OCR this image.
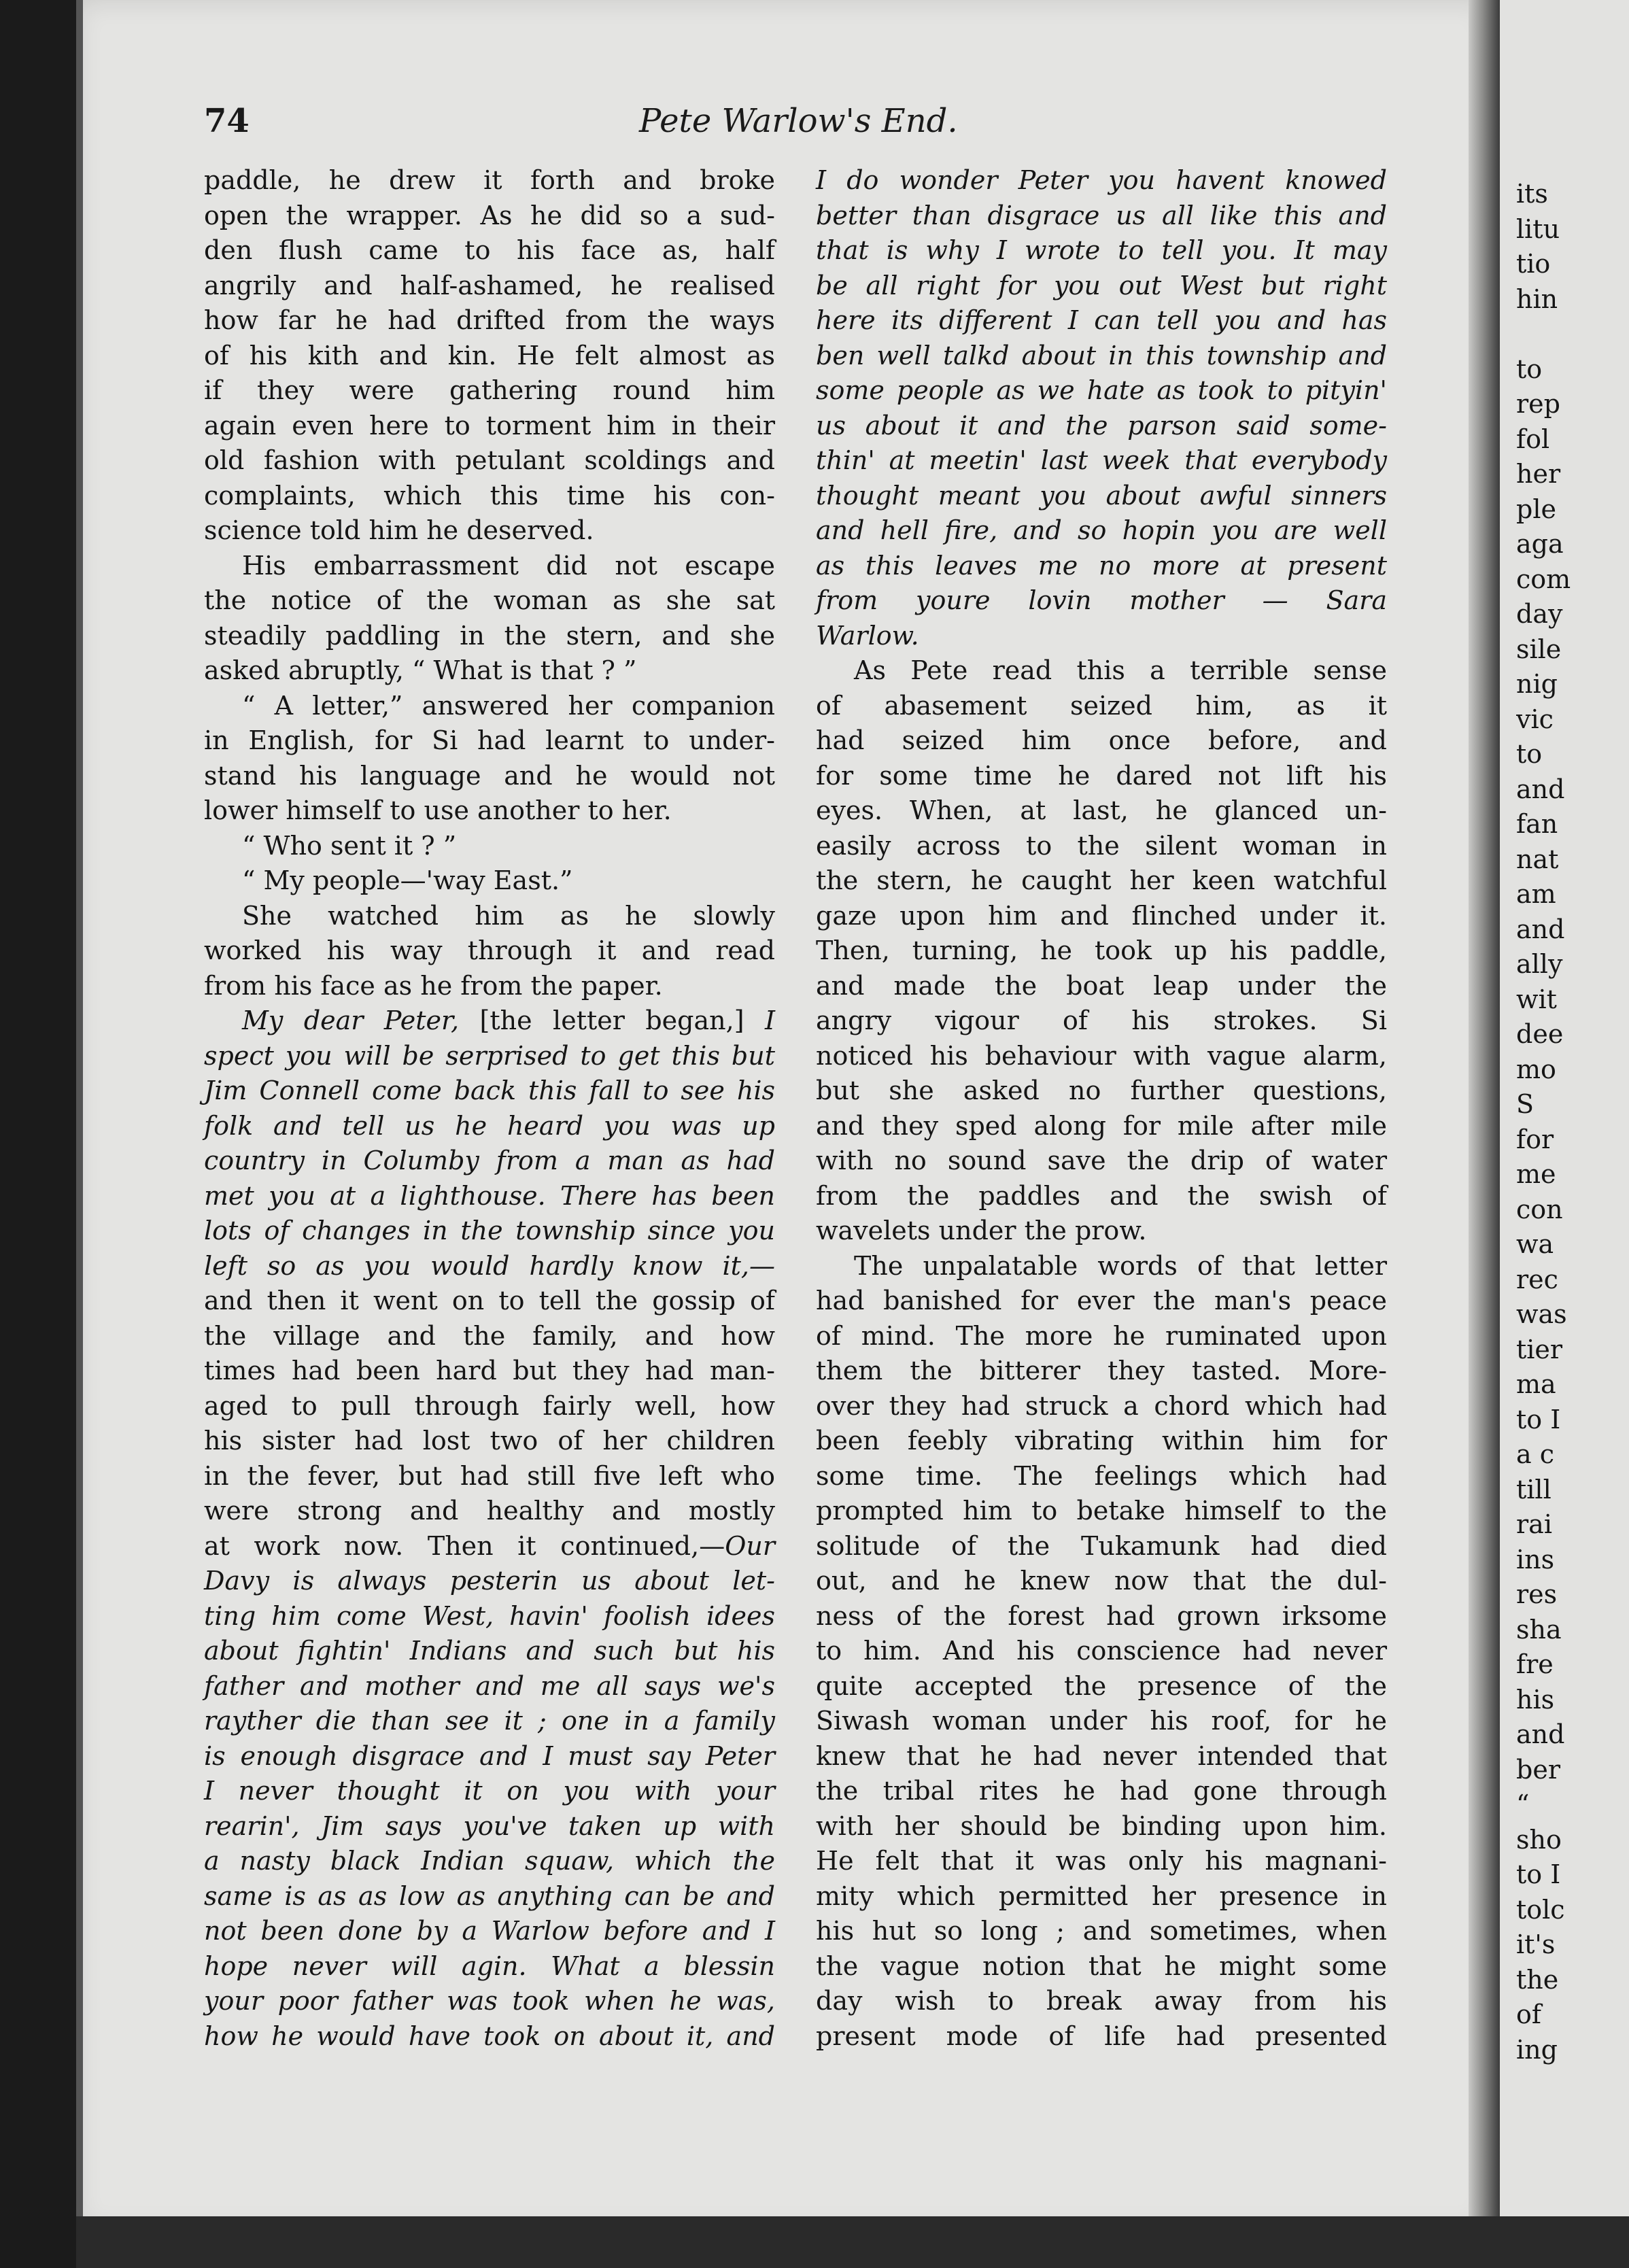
74	Pete Warlow's End.
paddle, he drew it forth and broke
open the wrapper. As he did so a sud-
den flush came to his face as, half
angrily and half-ashamed, he realised
how far he had drifted from the ways
of his kith and kin. He felt almost as
if they were gathering round him
again even here to torment him in their
old fashion with petulant scoldings and
complaints, which this time his con-
science told him he deserved.
His embarrassment did not escape
the notice of the woman as she sat
steadily paddling in the stern, and she
asked abruptly, “ What is that ? ”
“ A letter,” answered her companion
in English, for Si had learnt to under-
stand his language and he would not
lower himself to use another to her.
“ Who sent it ? ”
“ My people—'way East.”
She watched him as he slowly
worked his way through it and read
from his face as he from the paper.
My dear Peter, [the letter began,] I
spect you will be serprised to get this but
Jim Connell come back this fall to see his
folk and tell us he heard you was up
country in Columby from a man as had
met you at a lighthouse. There has been
lots of changes in the township since you
left so as you would hardly know it,—
and then it went on to tell the gossip of
the village and the family, and how
times had been hard but they had man-
aged to pull through fairly well, how
his sister had lost two of her children
in the fever, but had still five left who
were strong and healthy and mostly
at work now. Then it continued,—Our
Davy is always pesterin us about let-
ting him come West, havin' foolish idees
about fightin' Indians and such but his
father and mother and me all says we's
rayther die than see it ; one in a family
is enough disgrace and I must say Peter
I never thought it on you with your
rearin', Jim says you've taken up with
a nasty black Indian squaw, which the
same is as as low as anything can be and
not been done by a Warlow before and I
hope never will agin. What a blessin
your poor father was took when he was,
how he would have took on about it, and
I do wonder Peter you havent knowed
better than disgrace us all like this and
that is why I wrote to tell you. It may
be all right for you out West but right
here its different I can tell you and has
ben well talkd about in this township and
some people as we hate as took to pityin'
us about it and the parson said some-
thin' at meetin' last week that everybody
thought meant you about awful sinners
and hell fire, and so hopin you are well
as this leaves me no more at present
from youre lovin mother — Sara
Warlow.
As Pete read this a terrible sense
of abasement seized him, as it
had seized him once before, and
for some time he dared not lift his
eyes. When, at last, he glanced un-
easily across to the silent woman in
the stern, he caught her keen watchful
gaze upon him and flinched under it.
Then, turning, he took up his paddle,
and made the boat leap under the
angry vigour of his strokes. Si
noticed his behaviour with vague alarm,
but she asked no further questions,
and they sped along for mile after mile
with no sound save the drip of water
from the paddles and the swish of
wavelets under the prow.
The unpalatable words of that letter
had banished for ever the man's peace
of mind. The more he ruminated upon
them the bitterer they tasted. More-
over they had struck a chord which had
been feebly vibrating within him for
some time. The feelings which had
prompted him to betake himself to the
solitude of the Tukamunk had died
out, and he knew now that the dul-
ness of the forest had grown irksome
to him. And his conscience had never
quite accepted the presence of the
Siwash woman under his roof, for he
knew that he had never intended that
the tribal rites he had gone through
with her should be binding upon him.
He felt that it was only his magnani-
mity which permitted her presence in
his hut so long ; and sometimes, when
the vague notion that he might some
day wish to break away from his
present mode of life had presented
its
litu
tio
hin
to
rep
fol
her
ple
aga
com
day
sile
nig
vic
to
and
fan
nat
am
and
ally
wit
dee
mo
S
for
me
con
wa
rec
was
tier
ma
to I
a c
till
rai
ins
res
sha
fre
his
and
ber
“
sho
to I
tolc
it's
the
of
ing
